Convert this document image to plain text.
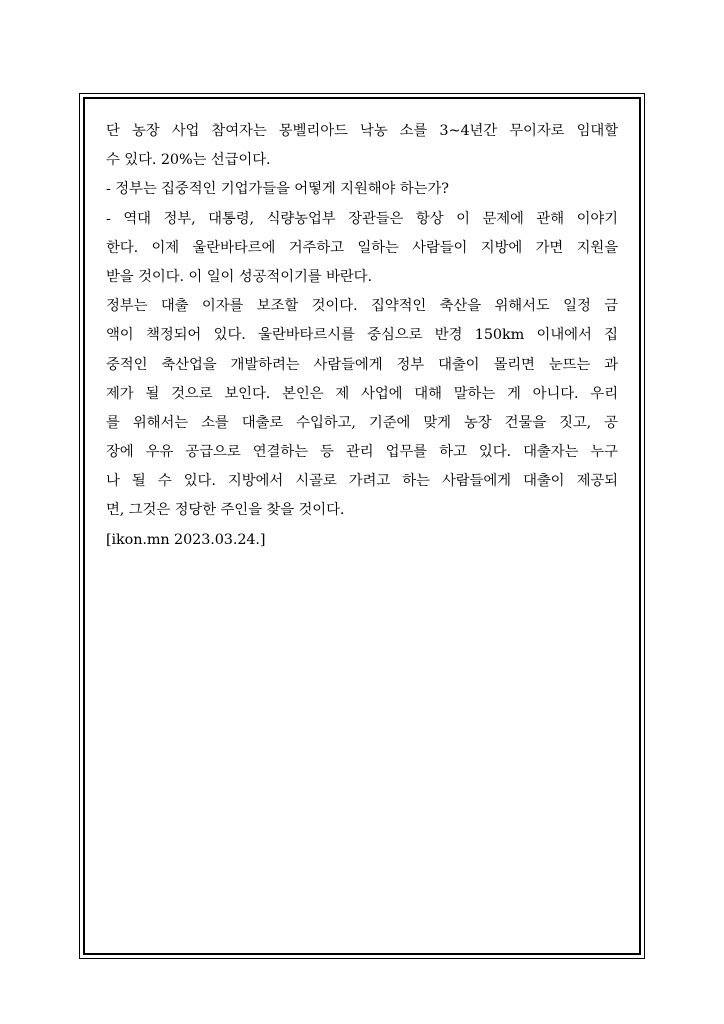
단 농장 사업 참여자는 몽벨리아드 낙농 소를 3~4년간 무이자로 임대할
수 있다. 20%는 선급이다.
- 정부는 집중적인 기업가들을 어떻게 지원해야 하는가?
- 역대 정부, 대통령, 식량농업부 장관들은 항상 이 문제에 관해 이야기
한다. 이제 울란바타르에 거주하고 일하는 사람들이 지방에 가면 지원을
받을 것이다. 이 일이 성공적이기를 바란다.
정부는 대출 이자를 보조할 것이다. 집약적인 축산을 위해서도 일정 금
액이 책정되어 있다. 울란바타르시를 중심으로 반경 150km 이내에서 집
중적인 축산업을 개발하려는 사람들에게 정부 대출이 몰리면 눈뜨는 과
제가 될 것으로 보인다. 본인은 제 사업에 대해 말하는 게 아니다. 우리
를 위해서는 소를 대출로 수입하고, 기준에 맞게 농장 건물을 짓고, 공
장에 우유 공급으로 연결하는 등 관리 업무를 하고 있다. 대출자는 누구
나 될 수 있다. 지방에서 시골로 가려고 하는 사람들에게 대출이 제공되
면, 그것은 정당한 주인을 찾을 것이다.
[ikon.mn 2023.03.24.]
